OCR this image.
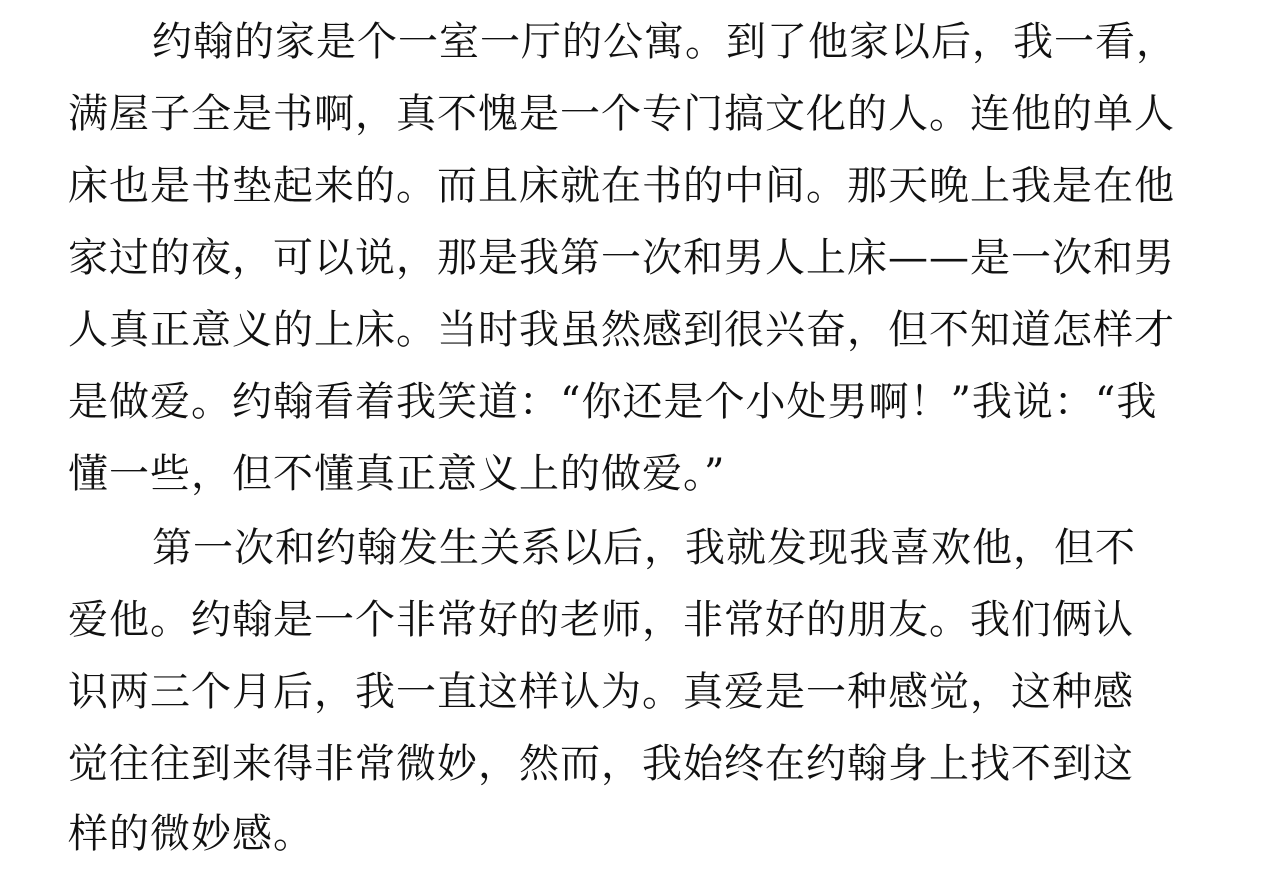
约翰的家是个一室一厅的公寓。到了他家以后，我一看，
满屋子全是书啊，真不愧是一个专门搞文化的人。连他的单人
床也是书垫起来的。而且床就在书的中间。那天晚上我是在他
家过的夜，可以说，那是我第一次和男人上床——是一次和男
人真正意义的上床。当时我虽然感到很兴奋，但不知道怎样才
是做爱。约翰看着我笑道：“你还是个小处男啊！”我说：“我
懂一些，但不懂真正意义上的做爱。”
第一次和约翰发生关系以后，我就发现我喜欢他，但不
爱他。约翰是一个非常好的老师，非常好的朋友。我们俩认
识两三个月后，我一直这样认为。真爱是一种感觉，这种感
觉往往到来得非常微妙，然而，我始终在约翰身上找不到这
样的微妙感。
